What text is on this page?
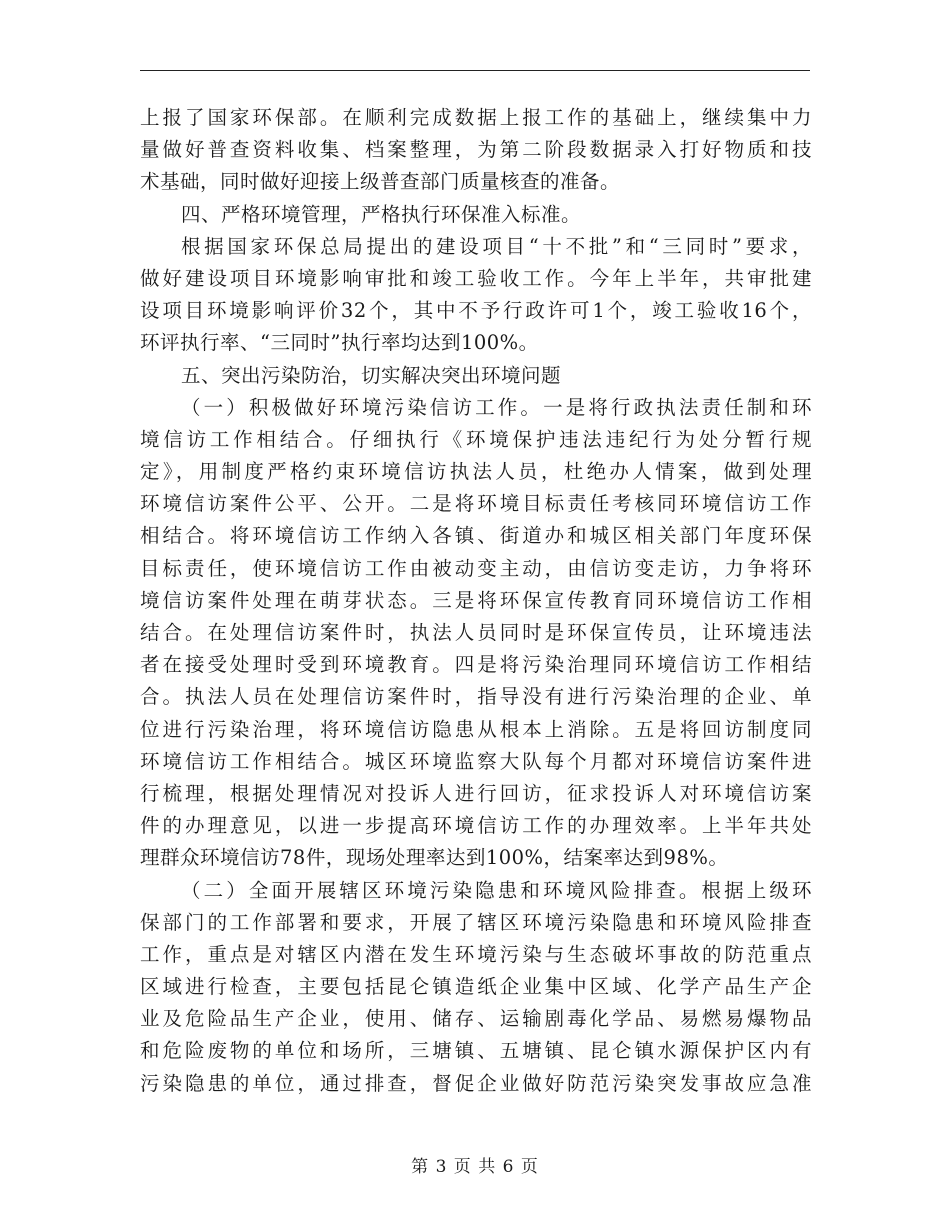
上报了国家环保部。在顺利完成数据上报工作的基础上，继续集中力
量做好普查资料收集、档案整理，为第二阶段数据录入打好物质和技
术基础，同时做好迎接上级普查部门质量核查的准备。
四、严格环境管理，严格执行环保准入标准。
根据国家环保总局提出的建设项目“十不批”和“三同时”要求，
做好建设项目环境影响审批和竣工验收工作。今年上半年，共审批建
设项目环境影响评价32个，其中不予行政许可1个，竣工验收16个，
环评执行率、“三同时”执行率均达到100%。
五、突出污染防治，切实解决突出环境问题
（一）积极做好环境污染信访工作。一是将行政执法责任制和环
境信访工作相结合。仔细执行《环境保护违法违纪行为处分暂行规
定》，用制度严格约束环境信访执法人员，杜绝办人情案，做到处理
环境信访案件公平、公开。二是将环境目标责任考核同环境信访工作
相结合。将环境信访工作纳入各镇、街道办和城区相关部门年度环保
目标责任，使环境信访工作由被动变主动，由信访变走访，力争将环
境信访案件处理在萌芽状态。三是将环保宣传教育同环境信访工作相
结合。在处理信访案件时，执法人员同时是环保宣传员，让环境违法
者在接受处理时受到环境教育。四是将污染治理同环境信访工作相结
合。执法人员在处理信访案件时，指导没有进行污染治理的企业、单
位进行污染治理，将环境信访隐患从根本上消除。五是将回访制度同
环境信访工作相结合。城区环境监察大队每个月都对环境信访案件进
行梳理，根据处理情况对投诉人进行回访，征求投诉人对环境信访案
件的办理意见，以进一步提高环境信访工作的办理效率。上半年共处
理群众环境信访78件，现场处理率达到100%，结案率达到98%。
（二）全面开展辖区环境污染隐患和环境风险排查。根据上级环
保部门的工作部署和要求，开展了辖区环境污染隐患和环境风险排查
工作，重点是对辖区内潜在发生环境污染与生态破坏事故的防范重点
区域进行检查，主要包括昆仑镇造纸企业集中区域、化学产品生产企
业及危险品生产企业，使用、储存、运输剧毒化学品、易燃易爆物品
和危险废物的单位和场所，三塘镇、五塘镇、昆仑镇水源保护区内有
污染隐患的单位，通过排查，督促企业做好防范污染突发事故应急准
第 3 页 共 6 页
